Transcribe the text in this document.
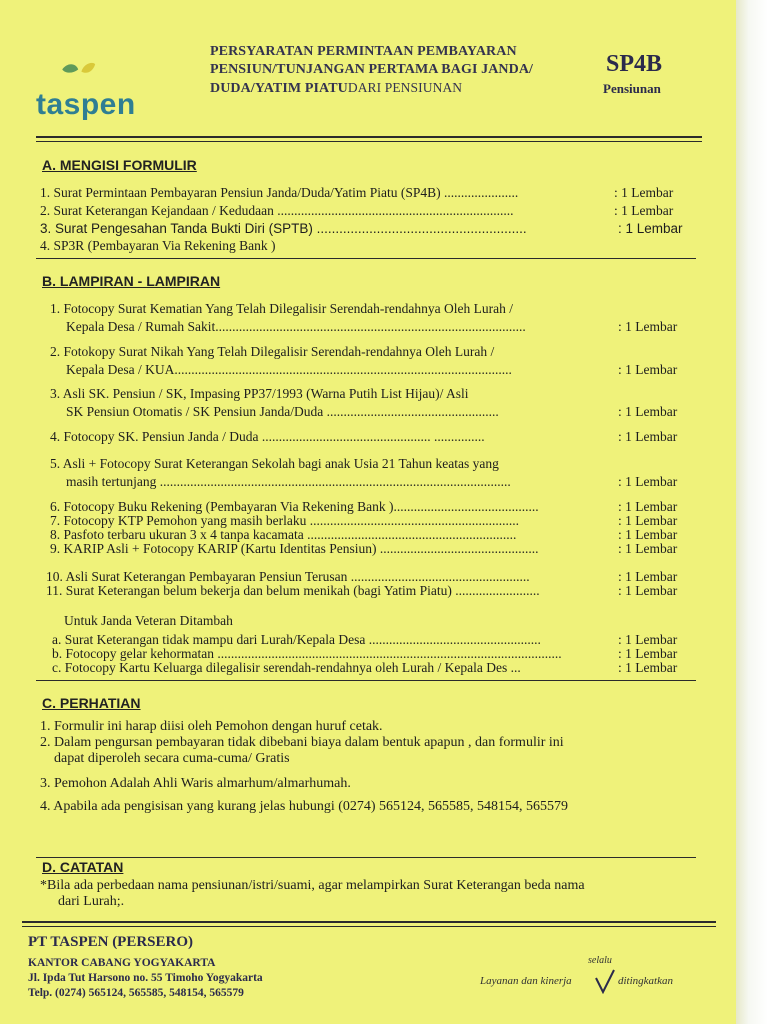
taspen
PERSYARATAN PERMINTAAN PEMBAYARAN
PENSIUN/TUNJANGAN PERTAMA BAGI JANDA/
DUDA/YATIM PIATUDARI PENSIUNAN
SP4B
Pensiunan
A. MENGISI FORMULIR
1. Surat Permintaan Pembayaran Pensiun Janda/Duda/Yatim Piatu (SP4B) ......................	: 1 Lembar
2. Surat Keterangan Kejandaan / Kedudaan ......................................................................	: 1 Lembar
3. Surat Pengesahan Tanda Bukti Diri (SPTB) ........................................................	: 1 Lembar
4. SP3R (Pembayaran Via Rekening Bank )
B. LAMPIRAN - LAMPIRAN
1. Fotocopy Surat Kematian Yang Telah Dilegalisir Serendah-rendahnya Oleh Lurah /
Kepala Desa / Rumah Sakit............................................................................................	: 1 Lembar
2. Fotokopy Surat Nikah Yang Telah Dilegalisir Serendah-rendahnya Oleh Lurah /
Kepala Desa / KUA....................................................................................................	: 1 Lembar
3. Asli SK. Pensiun / SK, Impasing PP37/1993 (Warna Putih List Hijau)/ Asli
SK Pensiun Otomatis / SK Pensiun Janda/Duda ...................................................	: 1 Lembar
4. Fotocopy SK. Pensiun Janda / Duda .................................................. ...............	: 1 Lembar
5. Asli + Fotocopy Surat Keterangan Sekolah bagi anak Usia 21 Tahun keatas yang
masih tertunjang ........................................................................................................	: 1 Lembar
6. Fotocopy Buku Rekening (Pembayaran Via Rekening Bank )...........................................	: 1 Lembar
7. Fotocopy KTP Pemohon yang masih berlaku ..............................................................	: 1 Lembar
8. Pasfoto terbaru ukuran 3 x 4 tanpa kacamata ..............................................................	: 1 Lembar
9. KARIP Asli + Fotocopy KARIP (Kartu Identitas Pensiun) ...............................................	: 1 Lembar
10. Asli Surat Keterangan Pembayaran Pensiun Terusan .....................................................	: 1 Lembar
11. Surat Keterangan belum bekerja dan belum menikah (bagi Yatim Piatu) .........................	: 1 Lembar
Untuk Janda Veteran Ditambah
a. Surat Keterangan tidak mampu dari Lurah/Kepala Desa ...................................................	: 1 Lembar
b. Fotocopy gelar kehormatan ......................................................................................................	: 1 Lembar
c. Fotocopy Kartu Keluarga dilegalisir serendah-rendahnya oleh Lurah / Kepala Des ...	: 1 Lembar
C. PERHATIAN
1. Formulir ini harap diisi oleh Pemohon dengan huruf cetak.
2. Dalam pengursan pembayaran tidak dibebani biaya dalam bentuk apapun , dan formulir ini
dapat diperoleh secara cuma-cuma/ Gratis
3. Pemohon Adalah Ahli Waris almarhum/almarhumah.
4. Apabila ada pengisisan yang kurang jelas hubungi (0274) 565124, 565585, 548154, 565579
D. CATATAN
*Bila ada perbedaan nama pensiunan/istri/suami, agar melampirkan Surat Keterangan beda nama
dari Lurah;.
PT TASPEN (PERSERO)
KANTOR CABANG YOGYAKARTA
Jl. Ipda Tut Harsono no. 55 Timoho Yogyakarta
Telp. (0274) 565124, 565585, 548154, 565579
selalu
Layanan dan kinerja	ditingkatkan
